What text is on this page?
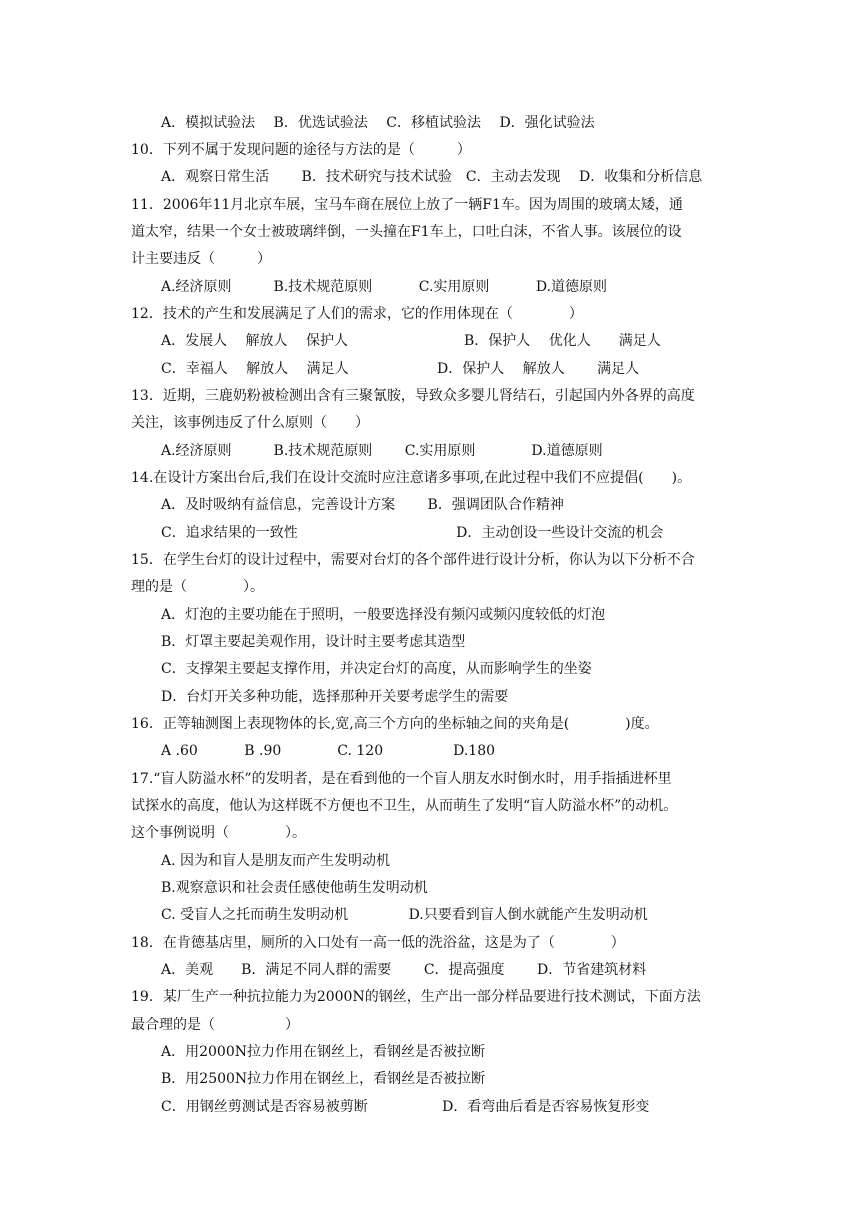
A．模拟试验法　 B．优选试验法　 C．移植试验法　 D．强化试验法
10．下列不属于发现问题的途径与方法的是（　　　）
A．观察日常生活　　 B．技术研究与技术试验　C．主动去发现　 D．收集和分析信息
11．2006年11月北京车展，宝马车商在展位上放了一辆F1车。因为周围的玻璃太矮，通
道太窄，结果一个女士被玻璃绊倒，一头撞在F1车上，口吐白沫，不省人事。该展位的设
计主要违反（　　　）
A.经济原则　　　B.技术规范原则　　　 C.实用原则　　　 D.道德原则
12．技术的产生和发展满足了人们的需求，它的作用体现在（　　　　）
A．发展人　 解放人　 保护人	B．保护人　 优化人　　满足人
C．幸福人　 解放人　 满足人　　　　　　 D．保护人　 解放人　　 满足人
13．近期，三鹿奶粉被检测出含有三聚氰胺，导致众多婴儿肾结石，引起国内外各界的高度
关注，该事例违反了什么原则（　　）
A.经济原则　　　B.技术规范原则　　 C.实用原则　　　　D.道德原则
14.在设计方案出台后,我们在设计交流时应注意诸多事项,在此过程中我们不应提倡(　　)。
A．及时吸纳有益信息，完善设计方案　　 B．强调团队合作精神
C．追求结果的一致性　　　　　　　　　　　 D．主动创设一些设计交流的机会
15．在学生台灯的设计过程中，需要对台灯的各个部件进行设计分析，你认为以下分析不合
理的是（　　　　）。
A．灯泡的主要功能在于照明，一般要选择没有频闪或频闪度较低的灯泡
B．灯罩主要起美观作用，设计时主要考虑其造型
C．支撑架主要起支撑作用，并决定台灯的高度，从而影响学生的坐姿
D．台灯开关多种功能，选择那种开关要考虑学生的需要
16．正等轴测图上表现物体的长,宽,高三个方向的坐标轴之间的夹角是(　　　　)度。
A .60　　　 B .90　　　　C. 120　　　　　D.180
17.“盲人防溢水杯”的发明者，是在看到他的一个盲人朋友水时倒水时，用手指插进杯里
试探水的高度，他认为这样既不方便也不卫生，从而萌生了发明“盲人防溢水杯”的动机。
这个事例说明（　　　　）。
A. 因为和盲人是朋友而产生发明动机
B.观察意识和社会责任感使他萌生发明动机
C. 受盲人之托而萌生发明动机　　　　 D.只要看到盲人倒水就能产生发明动机
18．在肯德基店里，厕所的入口处有一高一低的洗浴盆，这是为了（　　　　）
A．美观　　B．满足不同人群的需要　　 C．提高强度　　 D．节省建筑材料
19．某厂生产一种抗拉能力为2000N的钢丝，生产出一部分样品要进行技术测试，下面方法
最合理的是（　　　　　）
A．用2000N拉力作用在钢丝上，看钢丝是否被拉断
B．用2500N拉力作用在钢丝上，看钢丝是否被拉断
C．用钢丝剪测试是否容易被剪断　　　　　 D．看弯曲后看是否容易恢复形变
